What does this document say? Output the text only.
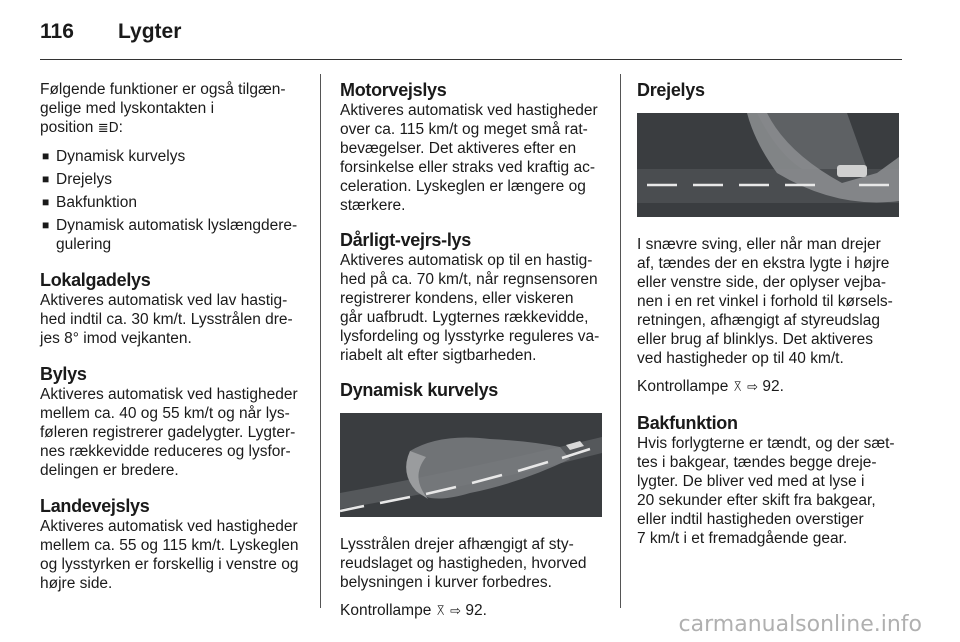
116 Lygter

Følgende funktioner er også tilgæn-
gelige med lyskontakten i
position ≣D:

■ Dynamisk kurvelys
■ Drejelys
■ Bakfunktion
■ Dynamisk automatisk lyslængdere-
gulering
Lokalgadelys

Aktiveres automatisk ved lav hastig-
hed indtil ca. 30 km/t. Lysstrålen dre-
jes 8° imod vejkanten.

Bylys

Aktiveres automatisk ved hastigheder
mellem ca. 40 og 55 km/t og når lys-
føleren registrerer gadelygter. Lygter-
nes rækkevidde reduceres og lysfor-
delingen er bredere.

Landevejslys

Aktiveres automatisk ved hastigheder
mellem ca. 55 og 115 km/t. Lyskeglen
og lysstyrken er forskellig i venstre og
højre side.

Motorvejslys

Aktiveres automatisk ved hastigheder
over ca. 115 km/t og meget små rat-
bevægelser. Det aktiveres efter en
forsinkelse eller straks ved kraftig ac-
celeration. Lyskeglen er længere og
stærkere.

Dårligt-vejrs-lys

Aktiveres automatisk op til en hastig-
hed på ca. 70 km/t, når regnsensoren
registrerer kondens, eller viskeren
går uafbrudt. Lygternes rækkevidde,
lysfordeling og lysstyrke reguleres va-
riabelt alt efter sigtbarheden.

Dynamisk kurvelys

Lysstrålen drejer afhængigt af sty-
reudslaget og hastigheden, hvorved
belysningen i kurver forbedres.

Kontrollampe ꓃ ⇨ 92.

Drejelys

I snævre sving, eller når man drejer
af, tændes der en ekstra lygte i højre
eller venstre side, der oplyser vejba-
nen i en ret vinkel i forhold til kørsels-
retningen, afhængigt af styreudslag
eller brug af blinklys. Det aktiveres
ved hastigheder op til 40 km/t.

Kontrollampe ꓃ ⇨ 92.

Bakfunktion

Hvis forlygterne er tændt, og der sæt-
tes i bakgear, tændes begge dreje-
lygter. De bliver ved med at lyse i
20 sekunder efter skift fra bakgear,
eller indtil hastigheden overstiger
7 km/t i et fremadgående gear.

carmanualsonline.info
